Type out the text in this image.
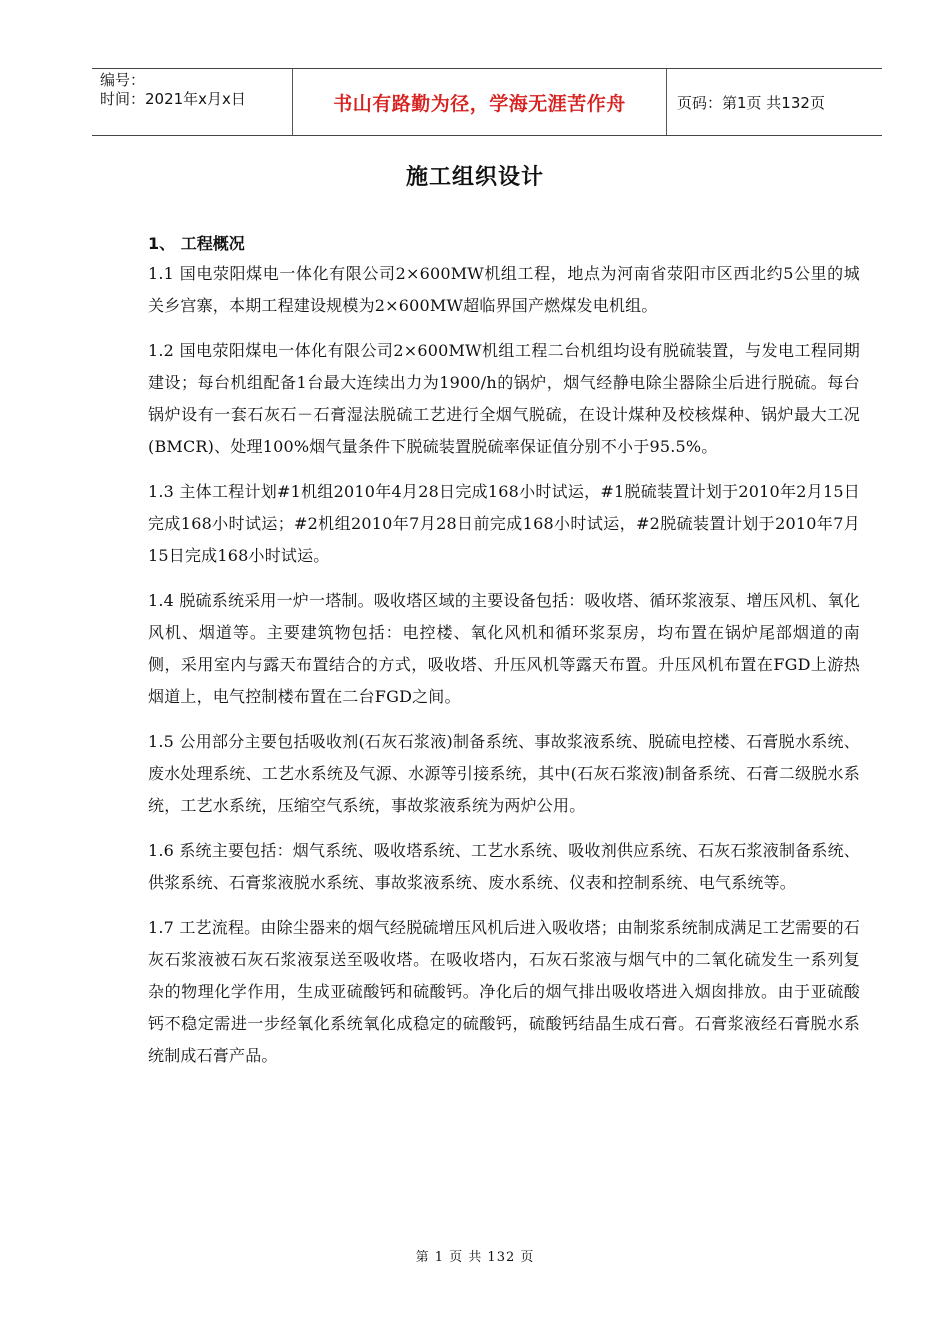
编号：
时间：2021年x月x日	书山有路勤为径，学海无涯苦作舟	页码：第1页 共132页
施工组织设计
1、 工程概况

1.1 国电荥阳煤电一体化有限公司2×600MW机组工程，地点为河南省荥阳市区西北约5公里的城关乡宫寨，本期工程建设规模为2×600MW超临界国产燃煤发电机组。

1.2 国电荥阳煤电一体化有限公司2×600MW机组工程二台机组均设有脱硫装置，与发电工程同期建设；每台机组配备1台最大连续出力为1900/h的锅炉，烟气经静电除尘器除尘后进行脱硫。每台锅炉设有一套石灰石－石膏湿法脱硫工艺进行全烟气脱硫，在设计煤种及校核煤种、锅炉最大工况(BMCR)、处理100%烟气量条件下脱硫装置脱硫率保证值分别不小于95.5%。

1.3 主体工程计划#1机组2010年4月28日完成168小时试运，#1脱硫装置计划于2010年2月15日完成168小时试运；#2机组2010年7月28日前完成168小时试运，#2脱硫装置计划于2010年7月15日完成168小时试运。

1.4 脱硫系统采用一炉一塔制。吸收塔区域的主要设备包括：吸收塔、循环浆液泵、增压风机、氧化风机、烟道等。主要建筑物包括：电控楼、氧化风机和循环浆泵房，均布置在锅炉尾部烟道的南侧，采用室内与露天布置结合的方式，吸收塔、升压风机等露天布置。升压风机布置在FGD上游热烟道上，电气控制楼布置在二台FGD之间。

1.5 公用部分主要包括吸收剂(石灰石浆液)制备系统、事故浆液系统、脱硫电控楼、石膏脱水系统、废水处理系统、工艺水系统及气源、水源等引接系统，其中(石灰石浆液)制备系统、石膏二级脱水系统，工艺水系统，压缩空气系统，事故浆液系统为两炉公用。

1.6 系统主要包括：烟气系统、吸收塔系统、工艺水系统、吸收剂供应系统、石灰石浆液制备系统、供浆系统、石膏浆液脱水系统、事故浆液系统、废水系统、仪表和控制系统、电气系统等。

1.7 工艺流程。由除尘器来的烟气经脱硫增压风机后进入吸收塔；由制浆系统制成满足工艺需要的石灰石浆液被石灰石浆液泵送至吸收塔。在吸收塔内，石灰石浆液与烟气中的二氧化硫发生一系列复杂的物理化学作用，生成亚硫酸钙和硫酸钙。净化后的烟气排出吸收塔进入烟囱排放。由于亚硫酸钙不稳定需进一步经氧化系统氧化成稳定的硫酸钙，硫酸钙结晶生成石膏。石膏浆液经石膏脱水系统制成石膏产品。

第 1 页 共 132 页
